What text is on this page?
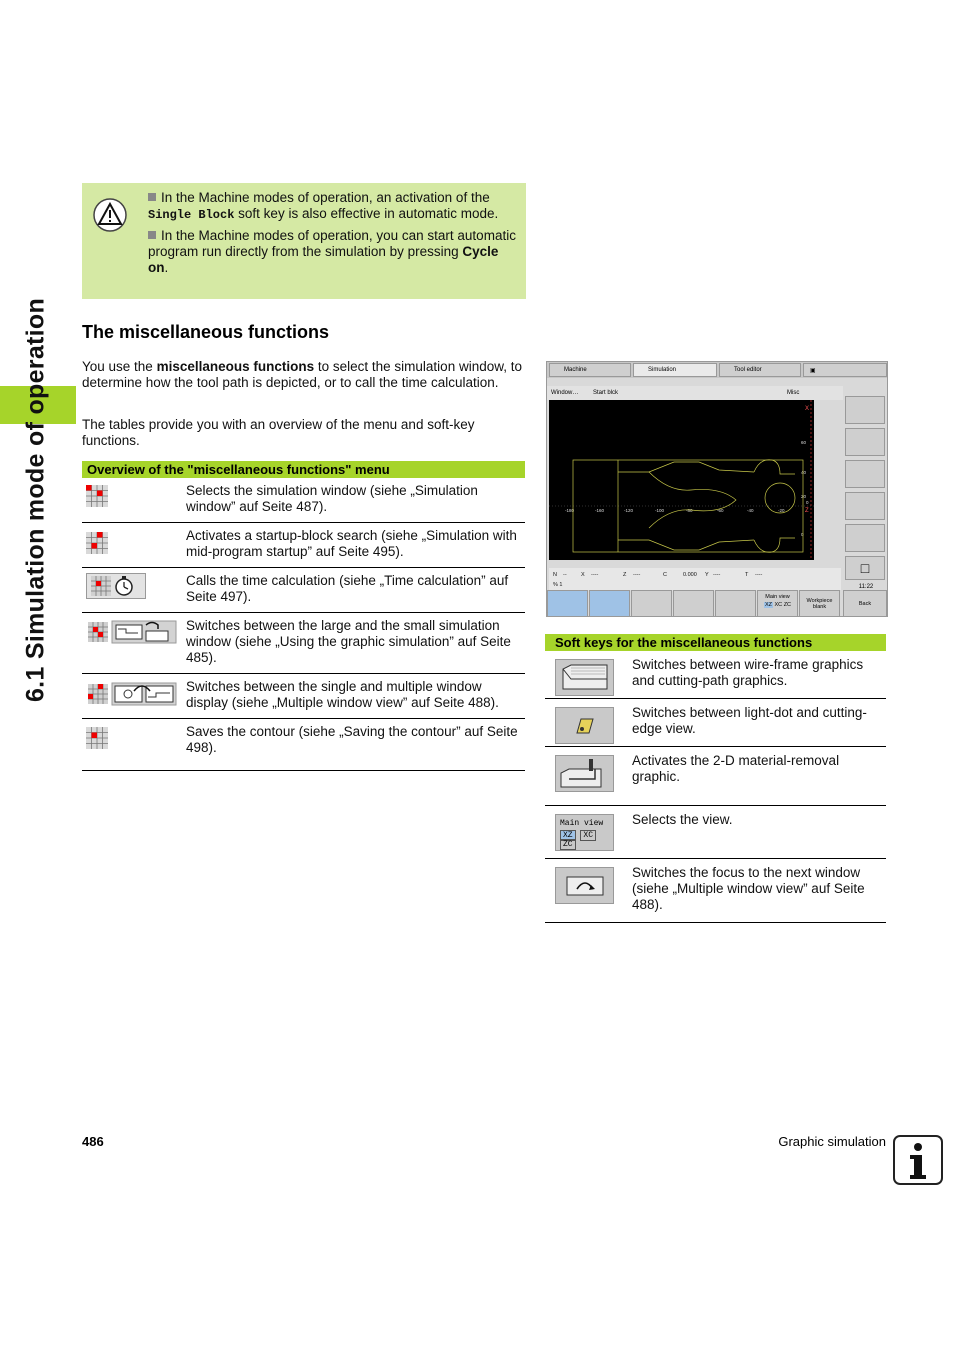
6.1 Simulation mode of operation

In the Machine modes of operation, an activation of the Single Block soft key is also effective in automatic mode.

In the Machine modes of operation, you can start automatic program run directly from the simulation by pressing Cycle on.

The miscellaneous functions
You use the miscellaneous functions to select the simulation window, to determine how the tool path is depicted, or to call the time calculation.
The tables provide you with an overview of the menu and soft-key functions.
Overview of the "miscellaneous functions" menu
Selects the simulation window (siehe „Simulation window” auf Seite 487).
Activates a startup-block search (siehe „Simulation with mid-program startup” auf Seite 495).
Calls the time calculation (siehe „Time calculation” auf Seite 497).
Switches between the large and the small simulation window (siehe „Using the graphic simulation” auf Seite 485).
Switches between the single and multiple window display (siehe „Multiple window view” auf Seite 488).
Saves the contour (siehe „Saving the contour” auf Seite 498).
Machine	Simulation	Tool editor	▣
Window… Start blck	Misc
X
Z
-180	-160	-120	-100	-80	-60	-40	-20
0
60
40
20
0
N --	X ----	Z ----	C	0.000 Y ----	T ----
% 1
□
11:22
Main view
XZ XC ZC
Workpiece
blank	Back
Soft keys for the miscellaneous functions
Switches between wire-frame graphics and cutting-path graphics.
Switches between light-dot and cutting-edge view.
Activates the 2-D material-removal graphic.
Main view
XZ XC ZC
Selects the view.
Switches the focus to the next window (siehe „Multiple window view” auf Seite 488).
486	Graphic simulation
